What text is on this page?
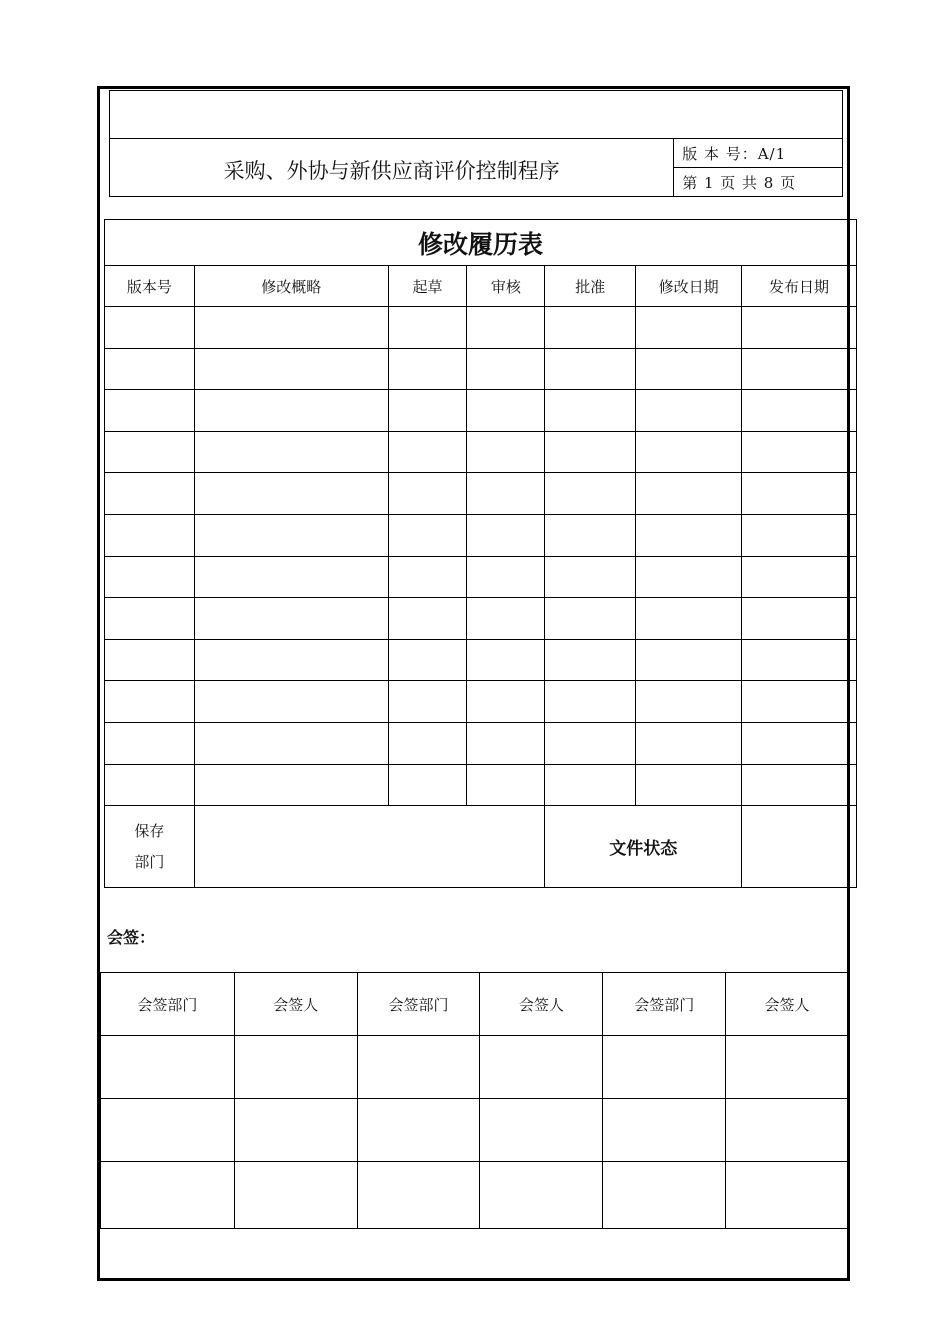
采购、外协与新供应商评价控制程序	版 本 号：A/1
第 1 页 共 8 页
修改履历表						
版本号	修改概略	起草	审核	批准	修改日期	发布日期

保存
部门				文件状态		
会签：
会签部门	会签人	会签部门	会签人	会签部门	会签人
